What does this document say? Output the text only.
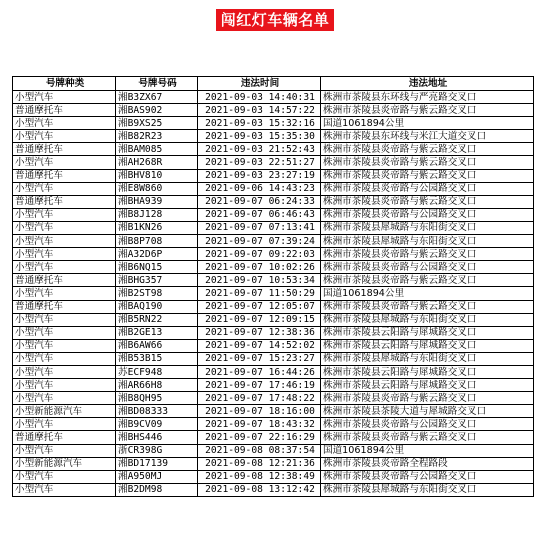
闯红灯车辆名单
号牌种类	号牌号码	违法时间	违法地址
小型汽车	湘B3ZX67	2021-09-03 14:40:31	株洲市茶陵县东环线与严亮路交叉口
普通摩托车	湘BAS902	2021-09-03 14:57:22	株洲市茶陵县炎帝路与紫云路交叉口
小型汽车	湘B9XS25	2021-09-03 15:32:16	国道1061894公里
小型汽车	湘B82R23	2021-09-03 15:35:30	株洲市茶陵县东环线与米江大道交叉口
普通摩托车	湘BAM085	2021-09-03 21:52:43	株洲市茶陵县炎帝路与紫云路交叉口
小型汽车	湘AH268R	2021-09-03 22:51:27	株洲市茶陵县炎帝路与紫云路交叉口
普通摩托车	湘BHV810	2021-09-03 23:27:19	株洲市茶陵县炎帝路与紫云路交叉口
小型汽车	湘E8W860	2021-09-06 14:43:23	株洲市茶陵县炎帝路与公园路交叉口
普通摩托车	湘BHA939	2021-09-07 06:24:33	株洲市茶陵县炎帝路与紫云路交叉口
小型汽车	湘B8J128	2021-09-07 06:46:43	株洲市茶陵县炎帝路与公园路交叉口
小型汽车	湘B1KN26	2021-09-07 07:13:41	株洲市茶陵县犀城路与东阳街交叉口
小型汽车	湘B8P708	2021-09-07 07:39:24	株洲市茶陵县犀城路与东阳街交叉口
小型汽车	湘A32D6P	2021-09-07 09:22:03	株洲市茶陵县炎帝路与紫云路交叉口
小型汽车	湘B6NQ15	2021-09-07 10:02:26	株洲市茶陵县炎帝路与公园路交叉口
普通摩托车	湘BHG357	2021-09-07 10:53:34	株洲市茶陵县炎帝路与紫云路交叉口
小型汽车	湘B2ST98	2021-09-07 11:50:29	国道1061894公里
普通摩托车	湘BAQ190	2021-09-07 12:05:07	株洲市茶陵县炎帝路与紫云路交叉口
小型汽车	湘B5RN22	2021-09-07 12:09:15	株洲市茶陵县犀城路与东阳街交叉口
小型汽车	湘B2GE13	2021-09-07 12:38:36	株洲市茶陵县云阳路与犀城路交叉口
小型汽车	湘B6AW66	2021-09-07 14:52:02	株洲市茶陵县云阳路与犀城路交叉口
小型汽车	湘B53B15	2021-09-07 15:23:27	株洲市茶陵县犀城路与东阳街交叉口
小型汽车	苏ECF948	2021-09-07 16:44:26	株洲市茶陵县云阳路与犀城路交叉口
小型汽车	湘AR66H8	2021-09-07 17:46:19	株洲市茶陵县云阳路与犀城路交叉口
小型汽车	湘B8QH95	2021-09-07 17:48:22	株洲市茶陵县炎帝路与紫云路交叉口
小型新能源汽车	湘BD08333	2021-09-07 18:16:00	株洲市茶陵县茶陵大道与犀城路交叉口
小型汽车	湘B9CV09	2021-09-07 18:43:32	株洲市茶陵县炎帝路与公园路交叉口
普通摩托车	湘BHS446	2021-09-07 22:16:29	株洲市茶陵县炎帝路与紫云路交叉口
小型汽车	浙CR398G	2021-09-08 08:37:54	国道1061894公里
小型新能源汽车	湘BD17139	2021-09-08 12:21:36	株洲市茶陵县炎帝路全程路段
小型汽车	湘A950MJ	2021-09-08 12:38:49	株洲市茶陵县炎帝路与公园路交叉口
小型汽车	湘B2DM98	2021-09-08 13:12:42	株洲市茶陵县犀城路与东阳街交叉口
